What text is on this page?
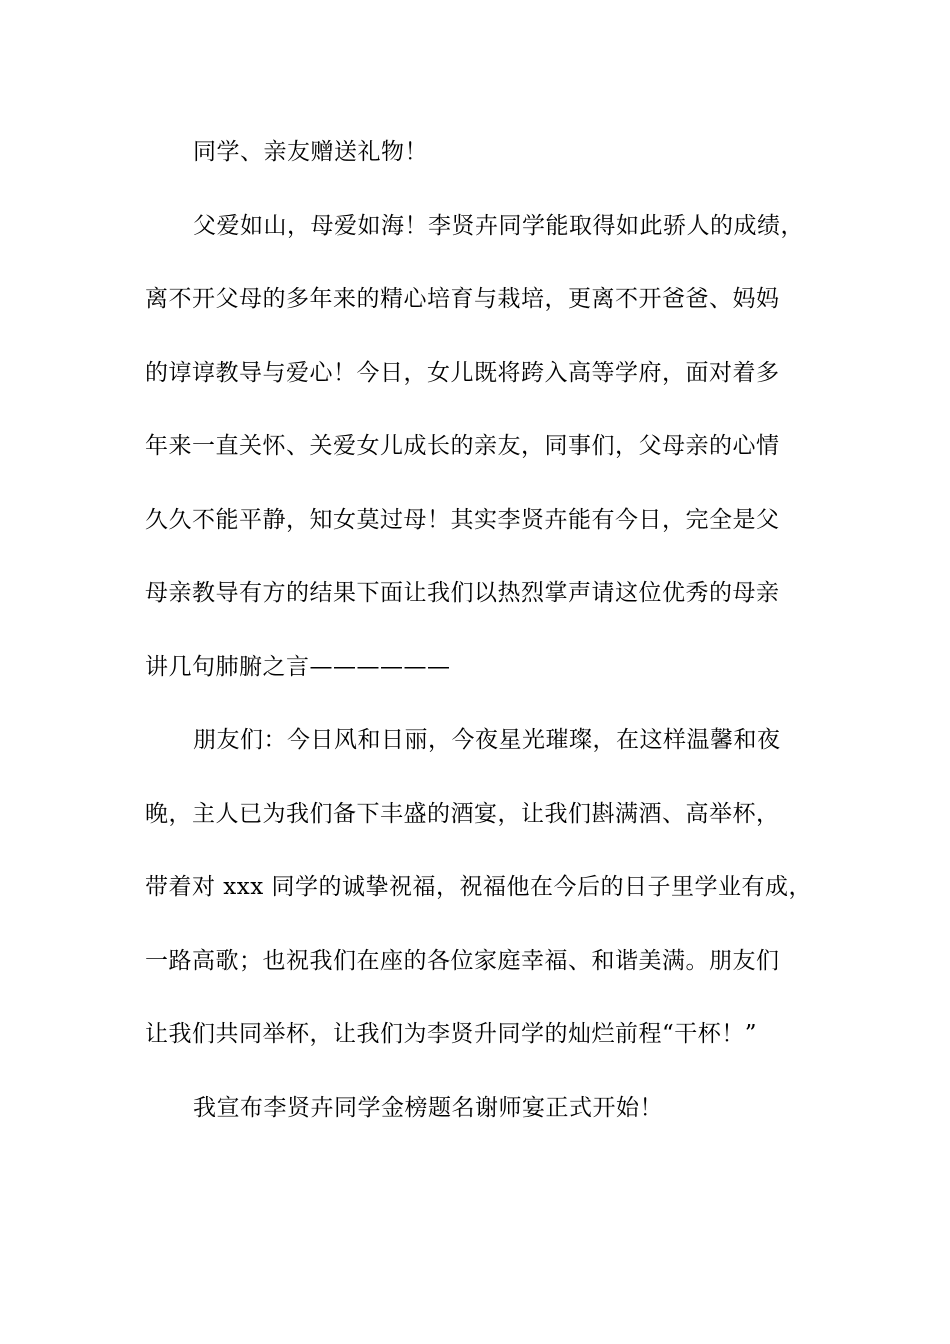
同学、亲友赠送礼物！
父爱如山，母爱如海！李贤卉同学能取得如此骄人的成绩，
离不开父母的多年来的精心培育与栽培，更离不开爸爸、妈妈
的谆谆教导与爱心！今日，女儿既将跨入高等学府，面对着多
年来一直关怀、关爱女儿成长的亲友，同事们，父母亲的心情
久久不能平静，知女莫过母！其实李贤卉能有今日，完全是父
母亲教导有方的结果下面让我们以热烈掌声请这位优秀的母亲
讲几句肺腑之言——————
朋友们：今日风和日丽，今夜星光璀璨，在这样温馨和夜
晚，主人已为我们备下丰盛的酒宴，让我们斟满酒、高举杯，
带着对 xxx 同学的诚挚祝福，祝福他在今后的日子里学业有成，
一路高歌；也祝我们在座的各位家庭幸福、和谐美满。朋友们
让我们共同举杯，让我们为李贤升同学的灿烂前程“干杯！”
我宣布李贤卉同学金榜题名谢师宴正式开始！
